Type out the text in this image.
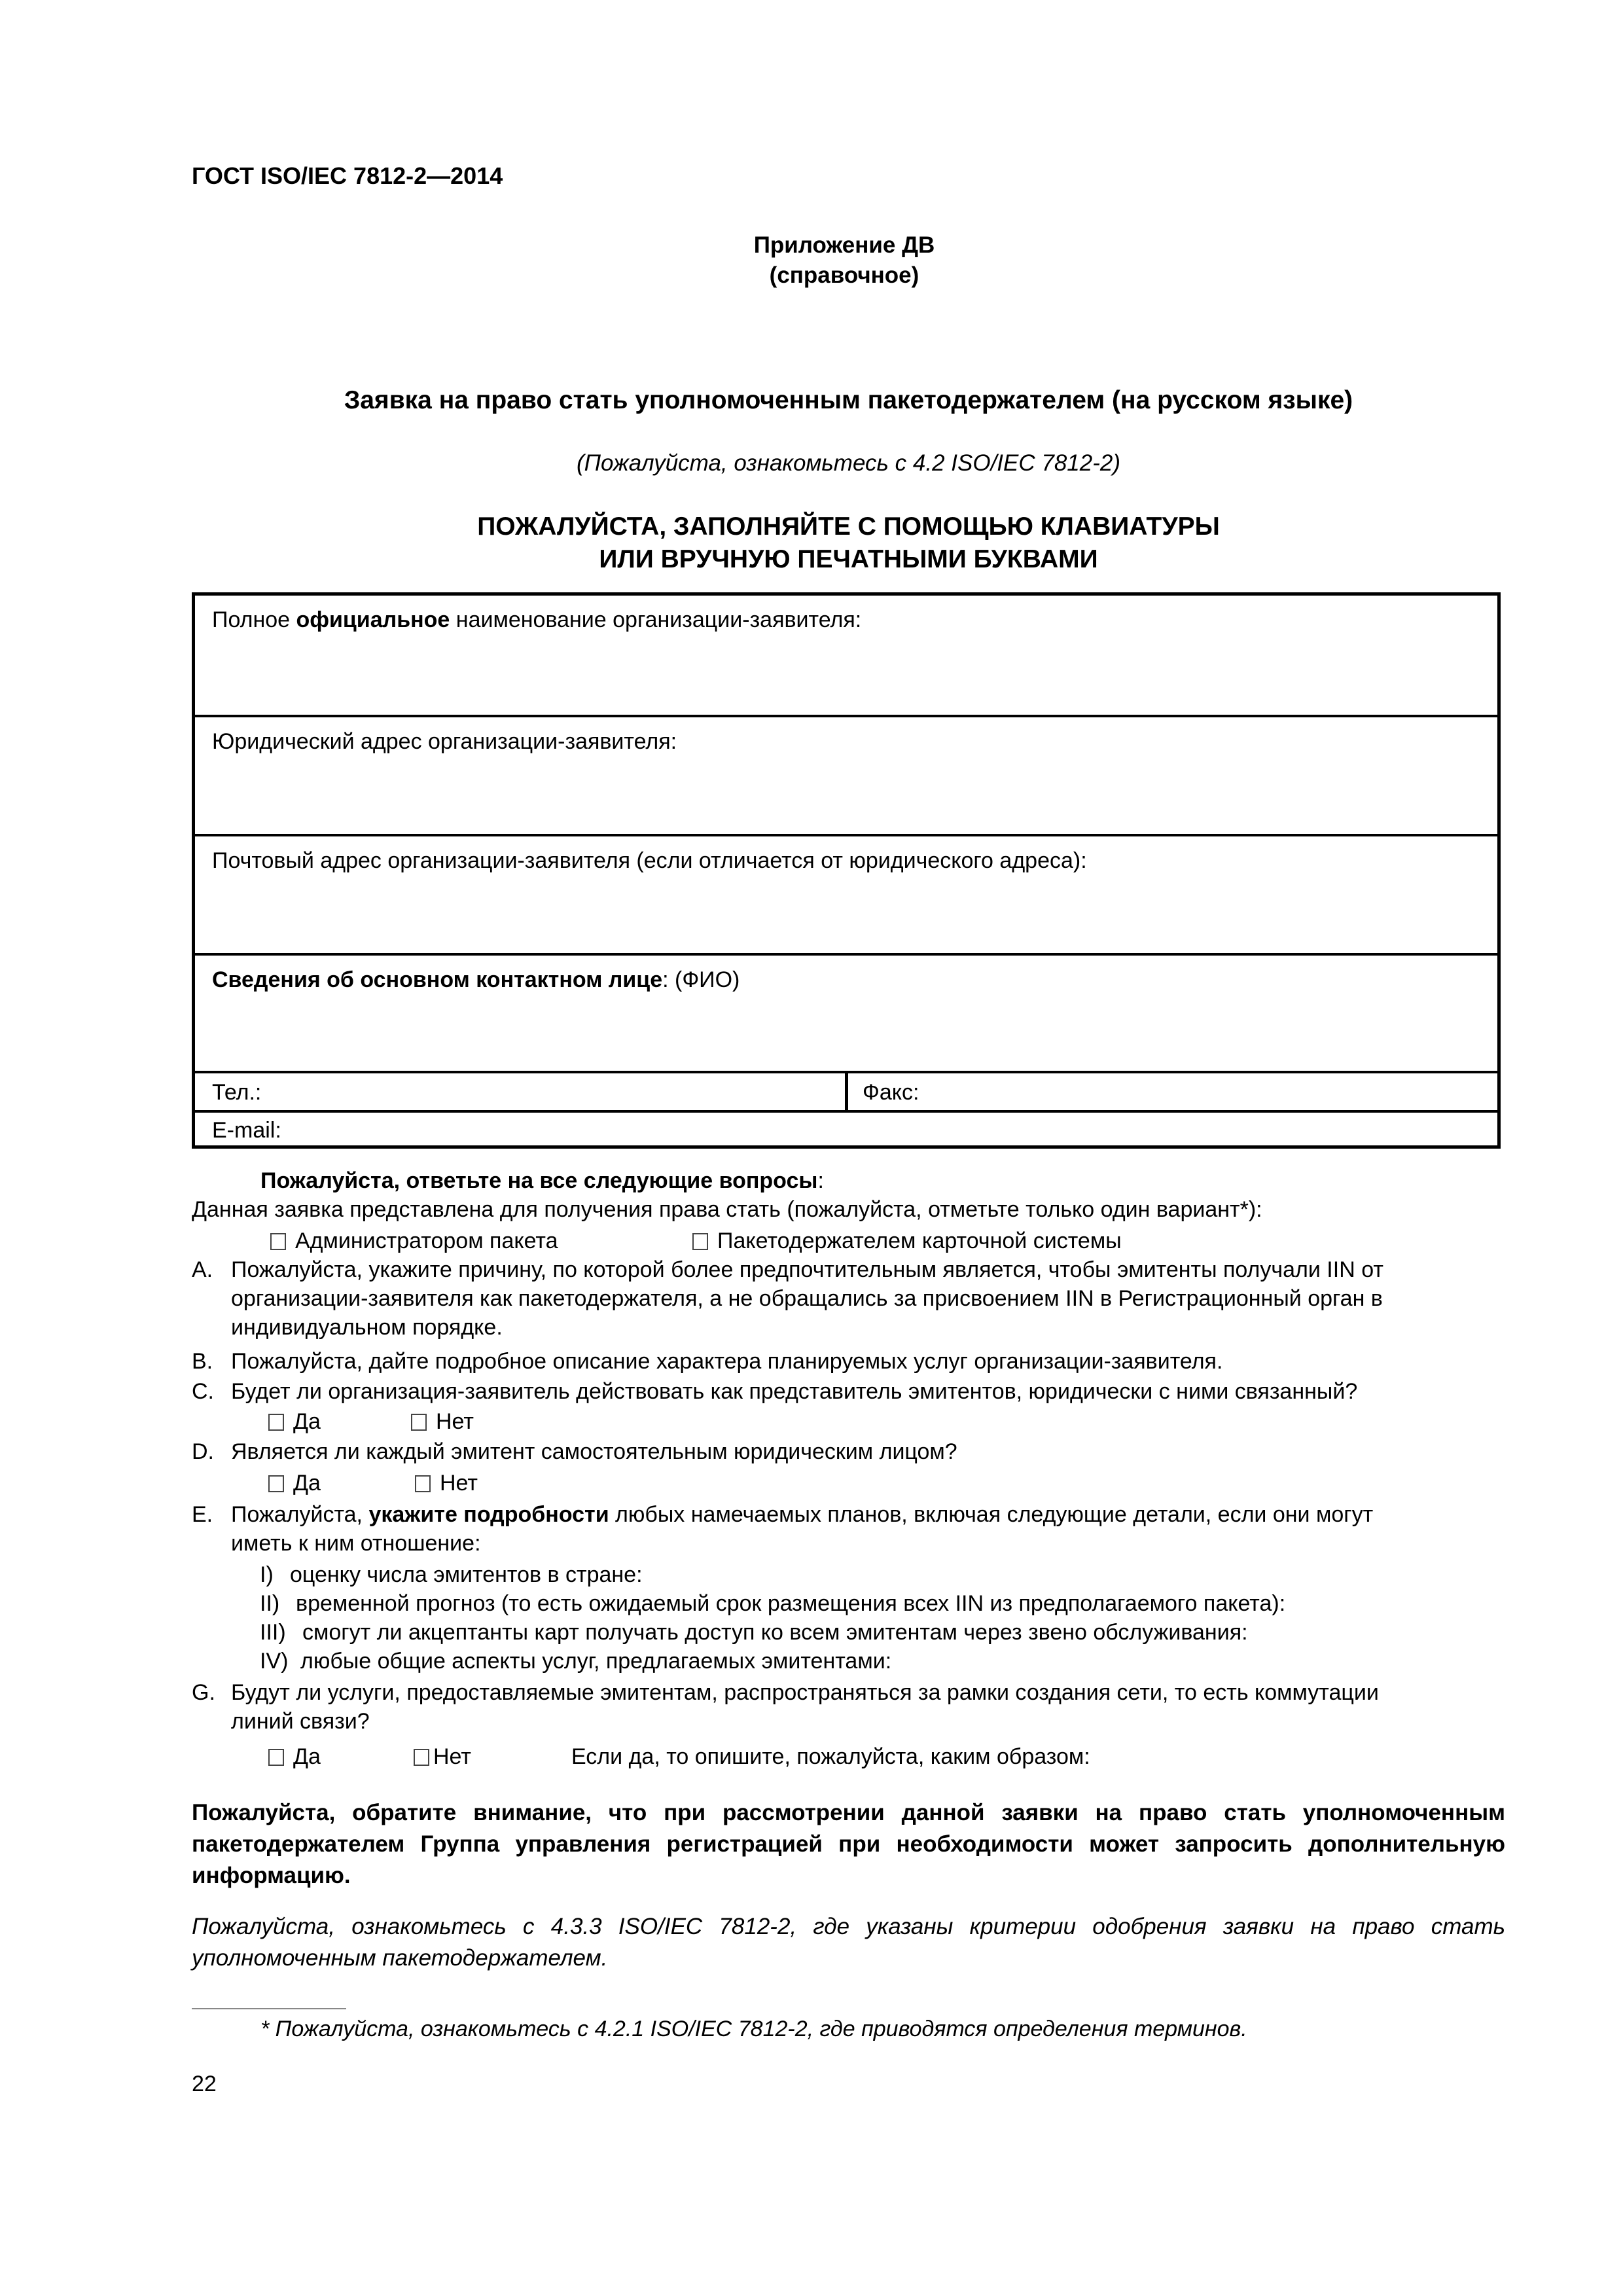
ГОСТ ISO/IEC 7812-2—2014
Приложение ДВ
(справочное)
Заявка на право стать уполномоченным пакетодержателем (на русском языке)
(Пожалуйста, ознакомьтесь с 4.2 ISO/IEC 7812-2)
ПОЖАЛУЙСТА, ЗАПОЛНЯЙТЕ С ПОМОЩЬЮ КЛАВИАТУРЫ
ИЛИ ВРУЧНУЮ ПЕЧАТНЫМИ БУКВАМИ
Полное официальное наименование организации-заявителя:
Юридический адрес организации-заявителя:
Почтовый адрес организации-заявителя (если отличается от юридического адреса):
Сведения об основном контактном лице: (ФИО)
Тел.:	Факс:
E-mail:
Пожалуйста, ответьте на все следующие вопросы:
Данная заявка представлена для получения права стать (пожалуйста, отметьте только один вариант*):
Администратором пакета	Пакетодержателем карточной системы
A. Пожалуйста, укажите причину, по которой более предпочтительным является, чтобы эмитенты получали IIN от
организации-заявителя как пакетодержателя, а не обращались за присвоением IIN в Регистрационный орган в
индивидуальном порядке.
B. Пожалуйста, дайте подробное описание характера планируемых услуг организации-заявителя.
C. Будет ли организация-заявитель действовать как представитель эмитентов, юридически с ними связанный?
Да	Нет
D. Является ли каждый эмитент самостоятельным юридическим лицом?
Да	Нет
E. Пожалуйста, укажите подробности любых намечаемых планов, включая следующие детали, если они могут
иметь к ним отношение:
I) оценку числа эмитентов в стране:
II) временной прогноз (то есть ожидаемый срок размещения всех IIN из предполагаемого пакета):
III) смогут ли акцептанты карт получать доступ ко всем эмитентам через звено обслуживания:
IV) любые общие аспекты услуг, предлагаемых эмитентами:
G. Будут ли услуги, предоставляемые эмитентам, распространяться за рамки создания сети, то есть коммутации
линий связи?
Да	Нет	Если да, то опишите, пожалуйста, каким образом:
Пожалуйста, обратите внимание, что при рассмотрении данной заявки на право стать уполномоченным пакетодержателем Группа управления регистрацией при необходимости может запросить дополнительную информацию.
Пожалуйста, ознакомьтесь с 4.3.3 ISO/IEC 7812-2, где указаны критерии одобрения заявки на право стать уполномоченным пакетодержателем.
* Пожалуйста, ознакомьтесь с 4.2.1 ISO/IEC 7812-2, где приводятся определения терминов.
22
